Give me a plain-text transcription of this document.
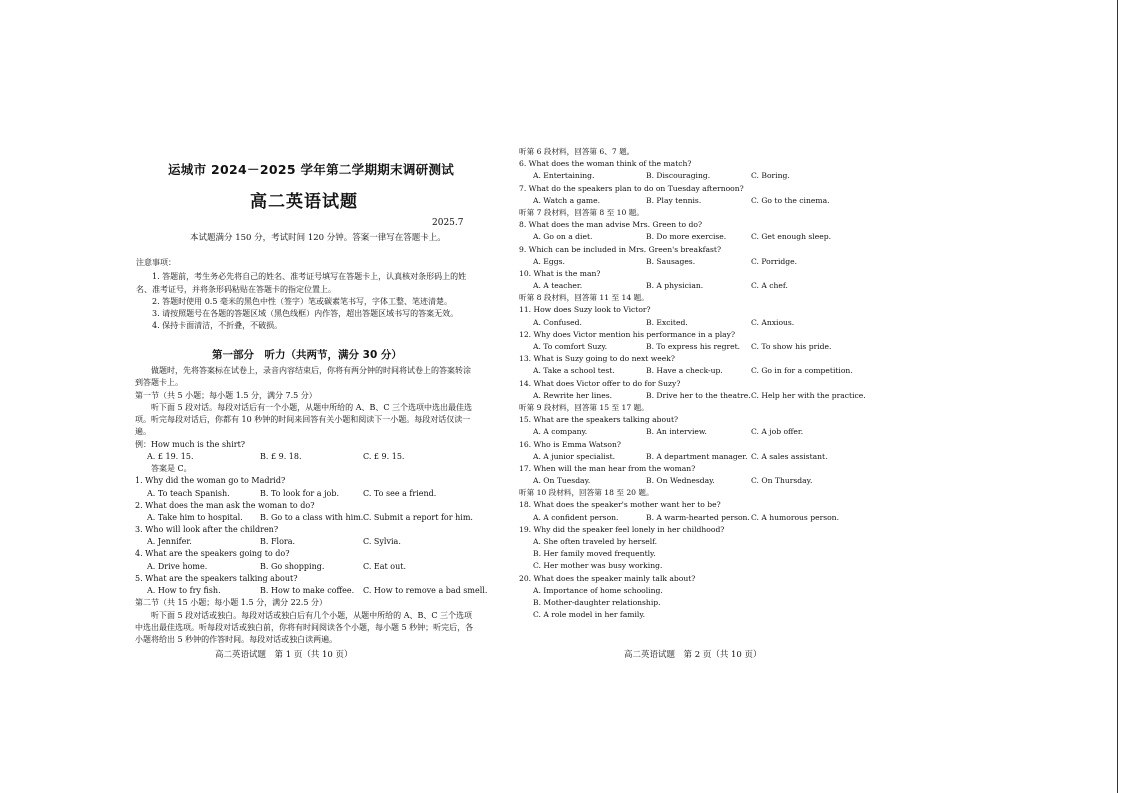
运城市 2024－2025 学年第二学期期末调研测试
高二英语试题
2025.7
本试题满分 150 分，考试时间 120 分钟。答案一律写在答题卡上。
注意事项：
1. 答题前，考生务必先将自己的姓名、准考证号填写在答题卡上，认真核对条形码上的姓名、准考证号，并将条形码粘贴在答题卡的指定位置上。
2. 答题时使用 0.5 毫米的黑色中性（签字）笔或碳素笔书写，字体工整、笔迹清楚。
3. 请按照题号在各题的答题区域（黑色线框）内作答，超出答题区域书写的答案无效。
4. 保持卡面清洁，不折叠，不破损。
第一部分　听力（共两节，满分 30 分）
做题时，先将答案标在试卷上，录音内容结束后，你将有两分钟的时间将试卷上的答案转涂到答题卡上。
第一节（共 5 小题；每小题 1.5 分，满分 7.5 分）
听下面 5 段对话。每段对话后有一个小题，从题中所给的 A、B、C 三个选项中选出最佳选项。听完每段对话后，你都有 10 秒钟的时间来回答有关小题和阅读下一小题。每段对话仅读一遍。
例：How much is the shirt?
A. £ 19. 15.	B. £ 9. 18.	C. £ 9. 15.
答案是 C。
1. Why did the woman go to Madrid?
A. To teach Spanish.	B. To look for a job.	C. To see a friend.
2. What does the man ask the woman to do?
A. Take him to hospital. B. Go to a class with him. C. Submit a report for him.
3. Who will look after the children?
A. Jennifer.	B. Flora.	C. Sylvia.
4. What are the speakers going to do?
A. Drive home.	B. Go shopping.	C. Eat out.
5. What are the speakers talking about?
A. How to fry fish.	B. How to make coffee. C. How to remove a bad smell.
第二节（共 15 小题；每小题 1.5 分，满分 22.5 分）
听下面 5 段对话或独白。每段对话或独白后有几个小题，从题中所给的 A、B、C 三个选项中选出最佳选项。听每段对话或独白前，你将有时间阅读各个小题，每小题 5 秒钟；听完后，各小题将给出 5 秒钟的作答时间。每段对话或独白读两遍。
高二英语试题　第 1 页（共 10 页）	高二英语试题　第 2 页（共 10 页）
听第 6 段材料，回答第 6、7 题。
6. What does the woman think of the match?
A. Entertaining.	B. Discouraging.	C. Boring.
7. What do the speakers plan to do on Tuesday afternoon?
A. Watch a game.	B. Play tennis.	C. Go to the cinema.
听第 7 段材料，回答第 8 至 10 题。
8. What does the man advise Mrs. Green to do?
A. Go on a diet.	B. Do more exercise.	C. Get enough sleep.
9. Which can be included in Mrs. Green's breakfast?
A. Eggs.	B. Sausages.	C. Porridge.
10. What is the man?
A. A teacher.	B. A physician.	C. A chef.
听第 8 段材料，回答第 11 至 14 题。
11. How does Suzy look to Victor?
A. Confused.	B. Excited.	C. Anxious.
12. Why does Victor mention his performance in a play?
A. To comfort Suzy.	B. To express his regret. C. To show his pride.
13. What is Suzy going to do next week?
A. Take a school test.	B. Have a check-up.	C. Go in for a competition.
14. What does Victor offer to do for Suzy?
A. Rewrite her lines.	B. Drive her to the theatre. C. Help her with the practice.
听第 9 段材料，回答第 15 至 17 题。
15. What are the speakers talking about?
A. A company.	B. An interview.	C. A job offer.
16. Who is Emma Watson?
A. A junior specialist.	B. A department manager. C. A sales assistant.
17. When will the man hear from the woman?
A. On Tuesday.	B. On Wednesday.	C. On Thursday.
听第 10 段材料，回答第 18 至 20 题。
18. What does the speaker's mother want her to be?
A. A confident person.	B. A warm-hearted person. C. A humorous person.
19. Why did the speaker feel lonely in her childhood?
A. She often traveled by herself.
B. Her family moved frequently.
C. Her mother was busy working.
20. What does the speaker mainly talk about?
A. Importance of home schooling.
B. Mother-daughter relationship.
C. A role model in her family.
